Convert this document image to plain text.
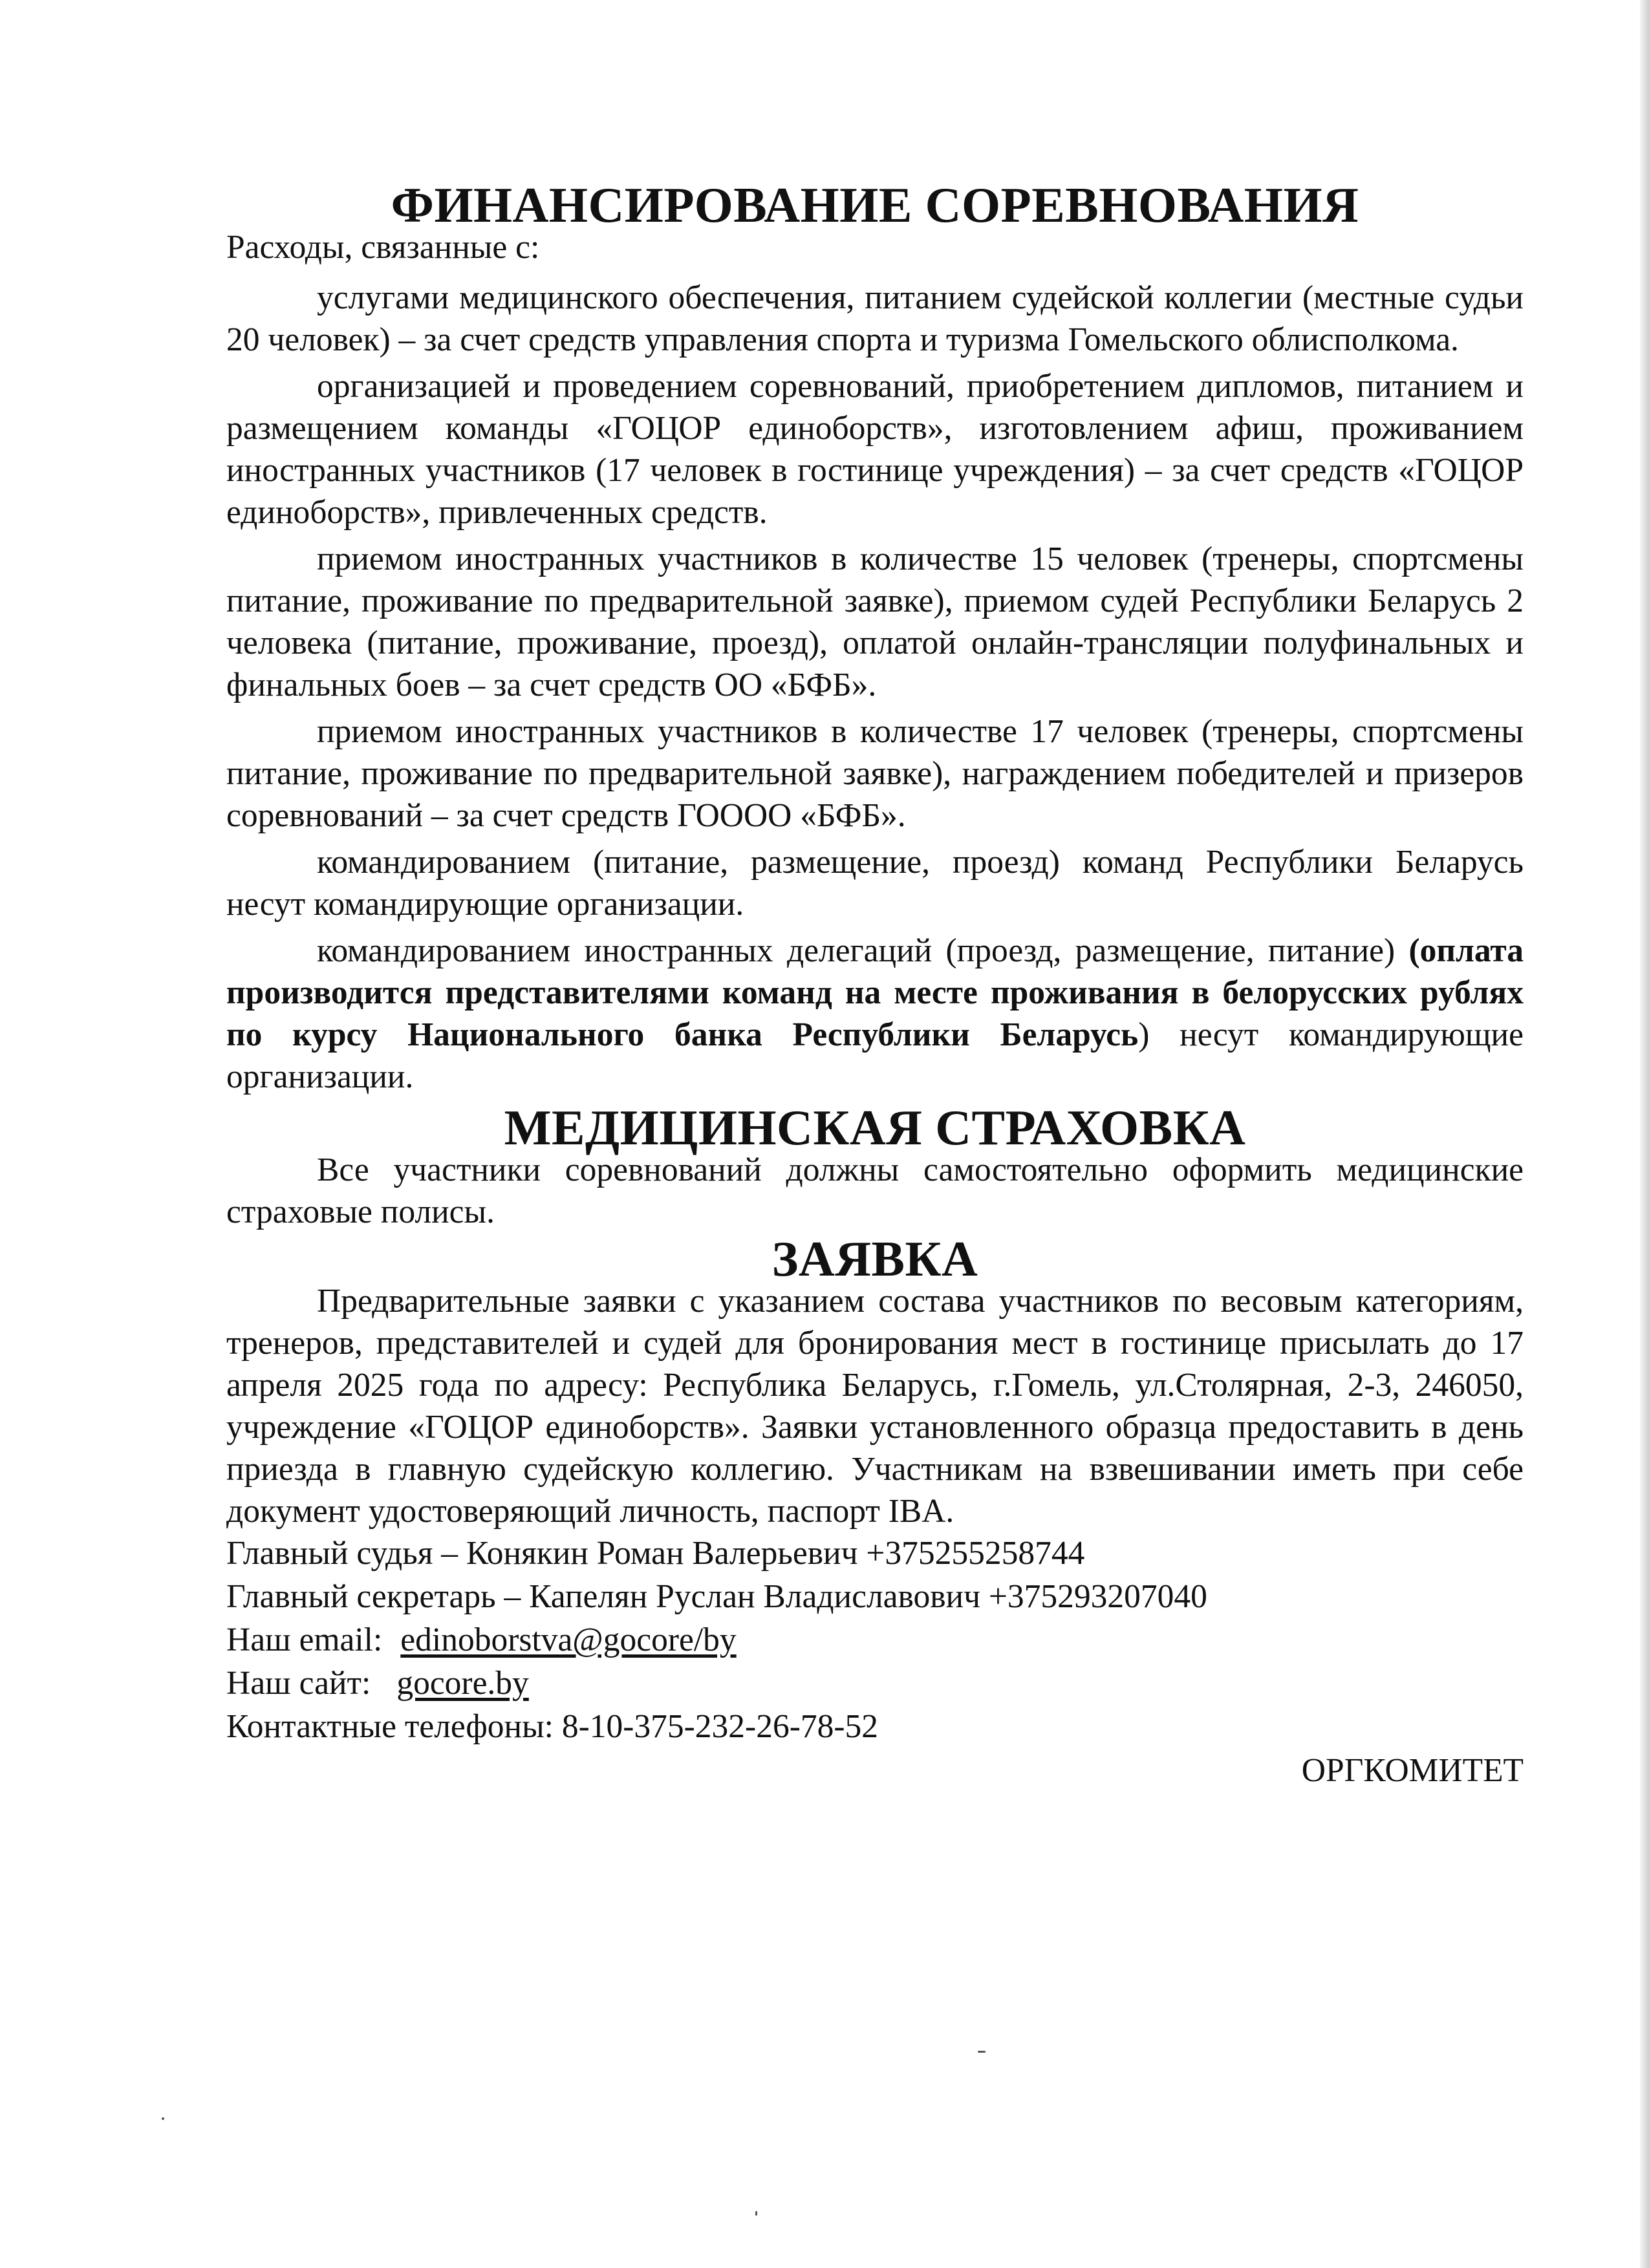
ФИНАНСИРОВАНИЕ СОРЕВНОВАНИЯ

Расходы, связанные с:

услугами медицинского обеспечения, питанием судейской коллегии (местные судьи 20 человек) – за счет средств управления спорта и туризма Гомельского облисполкома.

организацией и проведением соревнований, приобретением дипломов, питанием и размещением команды «ГОЦОР единоборств», изготовлением афиш, проживанием иностранных участников (17 человек в гостинице учреждения) – за счет средств «ГОЦОР единоборств», привлеченных средств.

приемом иностранных участников в количестве 15 человек (тренеры, спортсмены питание, проживание по предварительной заявке), приемом судей Республики Беларусь 2 человека (питание, проживание, проезд), оплатой онлайн-трансляции полуфинальных и финальных боев – за счет средств ОО «БФБ».

приемом иностранных участников в количестве 17 человек (тренеры, спортсмены питание, проживание по предварительной заявке), награждением победителей и призеров соревнований – за счет средств ГОООО «БФБ».

командированием (питание, размещение, проезд) команд Республики Беларусь несут командирующие организации.

командированием иностранных делегаций (проезд, размещение, питание) (оплата производится представителями команд на месте проживания в белорусских рублях по курсу Национального банка Республики Беларусь) несут командирующие организации.

МЕДИЦИНСКАЯ СТРАХОВКА

Все участники соревнований должны самостоятельно оформить медицинские страховые полисы.

ЗАЯВКА

Предварительные заявки с указанием состава участников по весовым категориям, тренеров, представителей и судей для бронирования мест в гостинице присылать до 17 апреля 2025 года по адресу: Республика Беларусь, г.Гомель, ул.Столярная, 2-3, 246050, учреждение «ГОЦОР единоборств». Заявки установленного образца предоставить в день приезда в главную судейскую коллегию. Участникам на взвешивании иметь при себе документ удостоверяющий личность, паспорт IBA.

Главный судья – Конякин Роман Валерьевич +375255258744

Главный секретарь – Капелян Руслан Владиславович +375293207040

Наш email: edinoborstva@gocore/by

Наш сайт: gocore.by

Контактные телефоны: 8-10-375-232-26-78-52

ОРГКОМИТЕТ
